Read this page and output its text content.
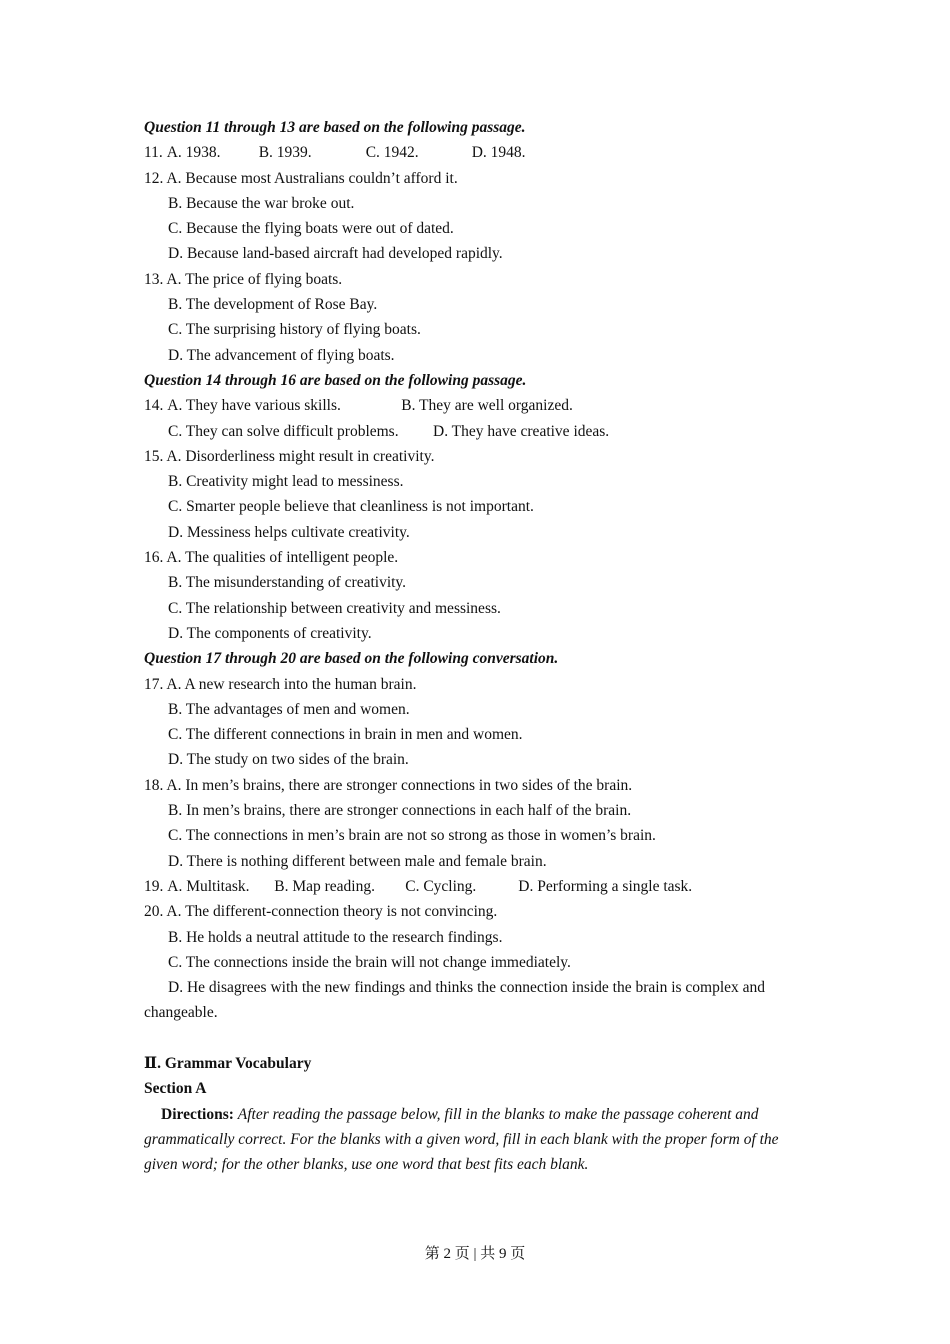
Question 11 through 13 are based on the following passage.
11. A. 1938. B. 1939.	C. 1942.	D. 1948.
12. A. Because most Australians couldn’t afford it.
B. Because the war broke out.
C. Because the flying boats were out of dated.
D. Because land-based aircraft had developed rapidly.
13. A. The price of flying boats.
B. The development of Rose Bay.
C. The surprising history of flying boats.
D. The advancement of flying boats.
Question 14 through 16 are based on the following passage.
14. A. They have various skills.	B. They are well organized.
C. They can solve difficult problems. D. They have creative ideas.
15. A. Disorderliness might result in creativity.
B. Creativity might lead to messiness.
C. Smarter people believe that cleanliness is not important.
D. Messiness helps cultivate creativity.
16. A. The qualities of intelligent people.
B. The misunderstanding of creativity.
C. The relationship between creativity and messiness.
D. The components of creativity.
Question 17 through 20 are based on the following conversation.
17. A. A new research into the human brain.
B. The advantages of men and women.
C. The different connections in brain in men and women.
D. The study on two sides of the brain.
18. A. In men’s brains, there are stronger connections in two sides of the brain.
B. In men’s brains, there are stronger connections in each half of the brain.
C. The connections in men’s brain are not so strong as those in women’s brain.
D. There is nothing different between male and female brain.
19. A. Multitask. B. Map reading. C. Cycling.	D. Performing a single task.
20. A. The different-connection theory is not convincing.
B. He holds a neutral attitude to the research findings.
C. The connections inside the brain will not change immediately.
D. He disagrees with the new findings and thinks the connection inside the brain is complex and
changeable.
Ⅱ. Grammar Vocabulary
Section A
Directions: After reading the passage below, fill in the blanks to make the passage coherent and grammatically correct. For the blanks with a given word, fill in each blank with the proper form of the given word; for the other blanks, use one word that best fits each blank.
第 2 页 | 共 9 页
